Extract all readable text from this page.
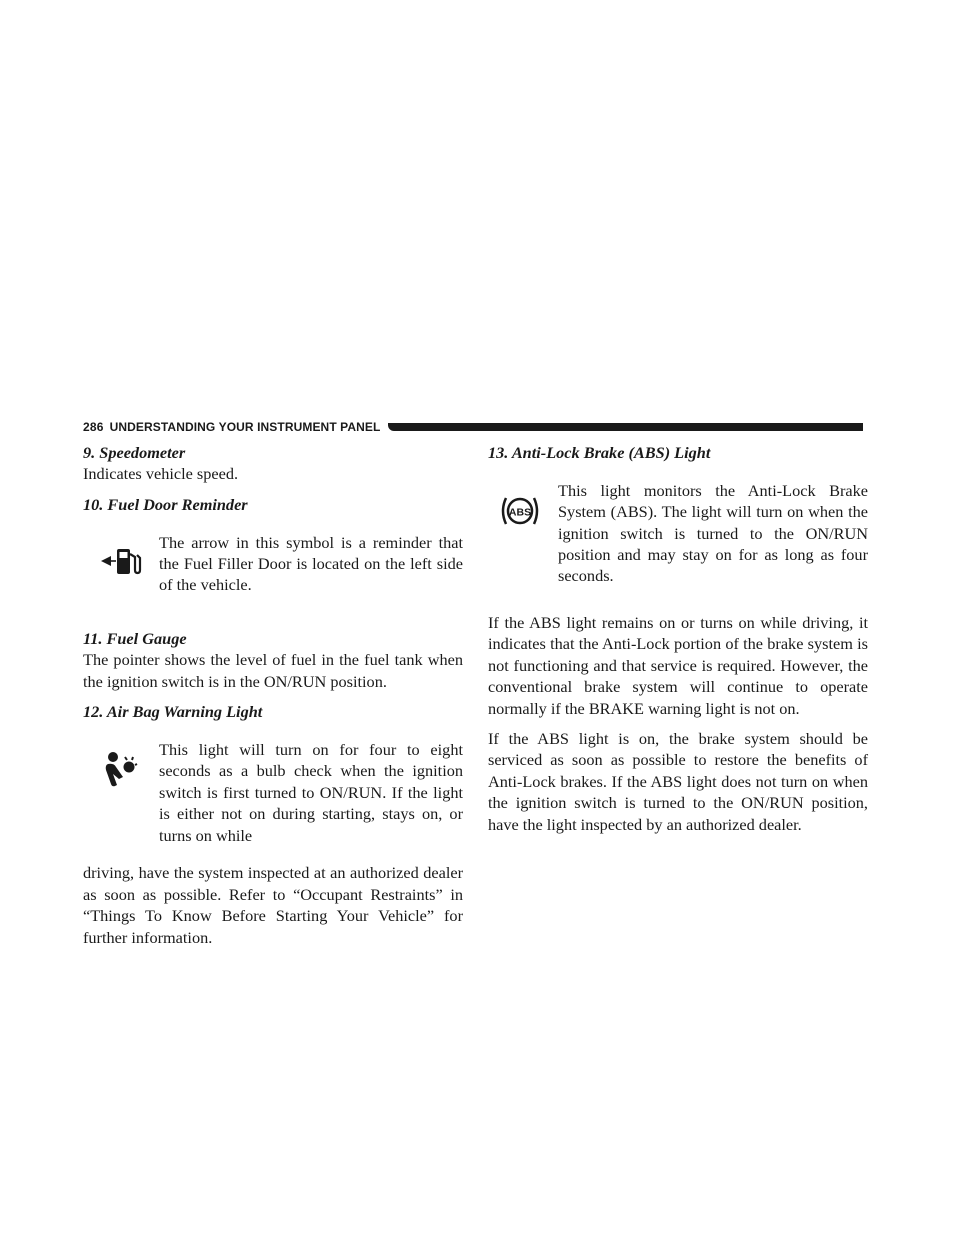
286 UNDERSTANDING YOUR INSTRUMENT PANEL

9. Speedometer

Indicates vehicle speed.

10. Fuel Door Reminder

The arrow in this symbol is a reminder that the Fuel Filler Door is located on the left side of the vehicle.

11. Fuel Gauge

The pointer shows the level of fuel in the fuel tank when the ignition switch is in the ON/RUN position.

12. Air Bag Warning Light

This light will turn on for four to eight seconds as a bulb check when the ignition switch is first turned to ON/RUN. If the light is either not on during starting, stays on, or turns on while

driving, have the system inspected at an authorized dealer as soon as possible. Refer to “Occupant Restraints” in “Things To Know Before Starting Your Vehicle” for further information.

13. Anti-Lock Brake (ABS) Light

ABS

This light monitors the Anti-Lock Brake System (ABS). The light will turn on when the ignition switch is turned to the ON/RUN position and may stay on for as long as four seconds.

If the ABS light remains on or turns on while driving, it indicates that the Anti-Lock portion of the brake system is not functioning and that service is required. However, the conventional brake system will continue to operate normally if the BRAKE warning light is not on.

If the ABS light is on, the brake system should be serviced as soon as possible to restore the benefits of Anti-Lock brakes. If the ABS light does not turn on when the ignition switch is turned to the ON/RUN position, have the light inspected by an authorized dealer.
